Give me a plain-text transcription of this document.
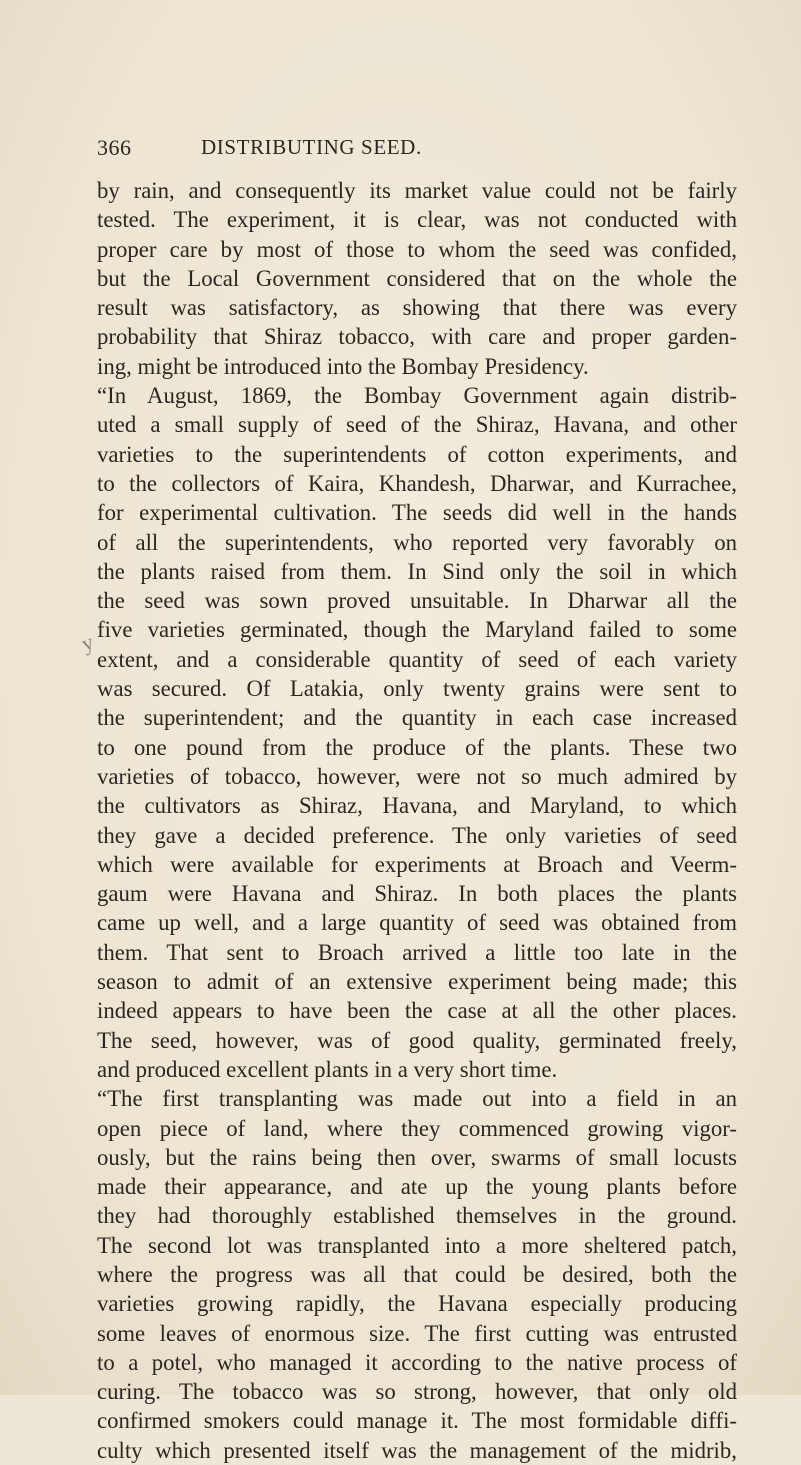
366	DISTRIBUTING SEED.
y
by rain, and consequently its market value could not be fairly
tested. The experiment, it is clear, was not conducted with
proper care by most of those to whom the seed was confided,
but the Local Government considered that on the whole the
result was satisfactory, as showing that there was every
probability that Shiraz tobacco, with care and proper garden-
ing, might be introduced into the Bombay Presidency.
“In August, 1869, the Bombay Government again distrib-
uted a small supply of seed of the Shiraz, Havana, and other
varieties to the superintendents of cotton experiments, and
to the collectors of Kaira, Khandesh, Dharwar, and Kurrachee,
for experimental cultivation. The seeds did well in the hands
of all the superintendents, who reported very favorably on
the plants raised from them. In Sind only the soil in which
the seed was sown proved unsuitable. In Dharwar all the
five varieties germinated, though the Maryland failed to some
extent, and a considerable quantity of seed of each variety
was secured. Of Latakia, only twenty grains were sent to
the superintendent; and the quantity in each case increased
to one pound from the produce of the plants. These two
varieties of tobacco, however, were not so much admired by
the cultivators as Shiraz, Havana, and Maryland, to which
they gave a decided preference. The only varieties of seed
which were available for experiments at Broach and Veerm-
gaum were Havana and Shiraz. In both places the plants
came up well, and a large quantity of seed was obtained from
them. That sent to Broach arrived a little too late in the
season to admit of an extensive experiment being made; this
indeed appears to have been the case at all the other places.
The seed, however, was of good quality, germinated freely,
and produced excellent plants in a very short time.
“The first transplanting was made out into a field in an
open piece of land, where they commenced growing vigor-
ously, but the rains being then over, swarms of small locusts
made their appearance, and ate up the young plants before
they had thoroughly established themselves in the ground.
The second lot was transplanted into a more sheltered patch,
where the progress was all that could be desired, both the
varieties growing rapidly, the Havana especially producing
some leaves of enormous size. The first cutting was entrusted
to a potel, who managed it according to the native process of
curing. The tobacco was so strong, however, that only old
confirmed smokers could manage it. The most formidable diffi-
culty which presented itself was the management of the midrib,
